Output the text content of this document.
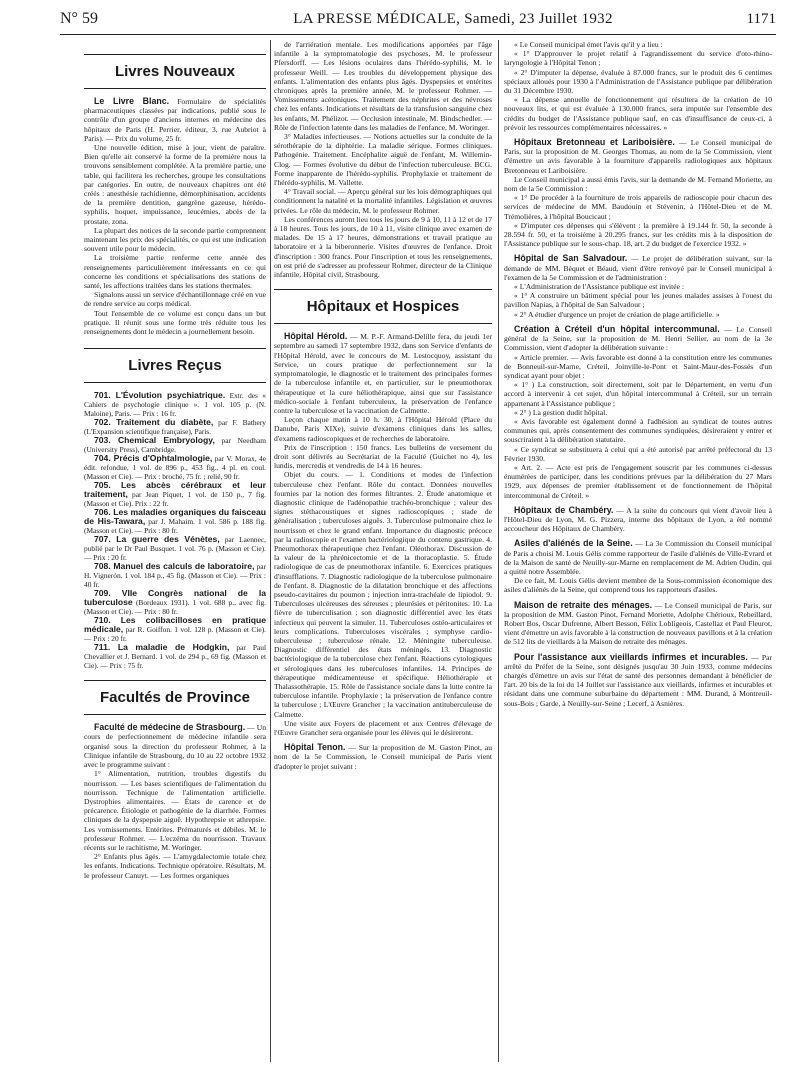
N° 59	LA PRESSE MÉDICALE, Samedi, 23 Juillet 1932	1171
Livres Nouveaux

Le Livre Blanc. Formulaire de spécialités pharmaceutiques classées par indications, publié sous le contrôle d'un groupe d'anciens internes en médecine des hôpitaux de Paris (H. Perrier, éditeur, 3, rue Aubriot à Paris). — Prix du volume, 25 fr.

Une nouvelle édition, mise à jour, vient de paraître. Bien qu'elle ait conservé la forme de la première nous la trouvons sensiblement complétée. A la première partie, une table, qui facilitera les recherches, groupe les consultations par catégories. En outre, de nouveaux chapitres ont été créés : anesthésie rachidienne, démorphinisation, accidents de la première dentition, gangrène gazeuse, hérédo-syphilis, hoquet, impuissance, leucémies, abcès de la prostate, zona.

La plupart des notices de la seconde partie comprennent maintenant les prix des spécialités, ce qui est une indication souvent utile pour le médecin.

La troisième partie renferme cette année des renseignements particulièrement intéressants en ce qui concerne les conditions et spécialisations des stations de santé, les affections traitées dans les stations thermales.

Signalons aussi un service d'échantillonnage créé en vue de rendre service au corps médical.

Tout l'ensemble de ce volume est conçu dans un but pratique. Il réunit sous une forme très réduite tous les renseignements dont le médecin a journellement besoin.

Livres Reçus

701. L'Évolution psychiatrique. Extr. des « Cahiers de psychologie clinique ». 1 vol. 105 p. (N. Maloine), Paris. — Prix : 16 fr.

702. Traitement du diabète, par F. Bathery (L'Expansion scientifique française), Paris.

703. Chemical Embryology, par Needham (University Press), Cambridge.

704. Précis d'Ophtalmologie, par V. Morax, 4e édit. refondue, 1 vol. de 896 p., 453 fig., 4 pl. en coul. (Masson et Cie). — Prix : broché, 75 fr. ; relié, 90 fr.

705. Les abcès cérébraux et leur traitement, par Jean Piquet, 1 vol. de 150 p., 7 fig. (Masson et Cie). Prix : 22 fr.

706. Les maladies organiques du faisceau de His-Tawara, par J. Mahaim. 1 vol. 586 p. 188 fig. (Masson et Cie). — Prix : 80 fr.

707. La guerre des Vénètes, par Laennec, publié par le Dr Paul Busquet. 1 vol. 76 p. (Masson et Cie). — Prix : 20 fr.

708. Manuel des calculs de laboratoire, par H. Vignerón. 1 vol. 184 p., 45 fig. (Masson et Cie). — Prix : 40 fr.

709. VIIe Congrès national de la tuberculose (Bordeaux 1931). 1 vol. 688 p., avec fig. (Masson et Cie). — Prix : 80 fr.

710. Les colibacilloses en pratique médicale, par R. Goiffon. 1 vol. 128 p. (Masson et Cie). — Prix : 20 fr.

711. La maladie de Hodgkin, par Paul Chevallier et J. Bernard. 1 vol. de 294 p., 69 fig. (Masson et Cie). — Prix : 75 fr.

Facultés de Province

Faculté de médecine de Strasbourg. — Un cours de perfectionnement de médecine infantile sera organisé sous la direction du professeur Rohmer, à la Clinique infantile de Strasbourg, du 10 au 22 octobre 1932 avec le programme suivant :

1° Alimentation, nutrition, troubles digestifs du nourrisson. — Les bases scientifiques de l'alimentation du nourrisson. Technique de l'alimentation artificielle. Dystrophies alimentaires. — États de carence et de précarence. Étiologie et pathogénie de la diarrhée. Formes cliniques de la dyspepsie aiguë. Hypothrepsie et athrepsie. Les vomissements. Entérites. Prématurés et débiles. M. le professeur Rohmer. — L'eczéma du nourrisson. Travaux récents sur le rachitisme, M. Woringer.

2° Enfants plus âgés. — L'amygdalectomie totale chez les enfants. Indications. Technique opératoire. Résultats, M. le professeur Canuyt. — Les formes organiques

de l'arriération mentale. Les modifications apportées par l'âge infantile à la symptomatologie des psychoses, M. le professeur Pfersdorff. — Les lésions oculaires dans l'hérédo-syphilis, M. le professeur Weill. — Les troubles du développement physique des enfants. L'alimentation des enfants plus âgés. Dyspepsies et entérites chroniques après la première année, M. le professeur Rohmer. — Vomissements acétoniques. Traitement des néphrites et des névroses chez les enfants. Indications et résultats de la transfusion sanguine chez les enfants, M. Phélizot. — Occlusion intestinale, M. Bindschedler. — Rôle de l'infection latente dans les maladies de l'enfance, M. Woringer.

3° Maladies infectieuses. — Notions actuelles sur la conduite de la sérothérapie de la diphtérie. La maladie sérique. Formes cliniques. Pathogénie. Traitement. Encéphalite aiguë de l'enfant, M. Willemin-Clog. — Formes évolutive du début de l'infection tuberculeuse. BCG. Forme inapparente de l'hérédo-syphilis. Prophylaxie et traitement de l'hérédo-syphilis, M. Vallette.

4° Travail social. — Aperçu général sur les lois démographiques qui conditionnent la natalité et la mortalité infantiles. Législation et œuvres privées. Le rôle du médecin, M. le professeur Rohmer.

Les conférences auront lieu tous les jours de 9 à 10, 11 à 12 et de 17 à 18 heures. Tous les jours, de 10 à 11, visite clinique avec examen de malades. De 15 à 17 heures, démonstrations et travail pratique au laboratoire et à la biberonnerie. Visites d'œuvres de l'enfance. Droit d'inscription : 300 francs. Pour l'inscription et tous les renseignements, on est prié de s'adresser au professeur Rohmer, directeur de la Clinique infantile, Hôpital civil, Strasbourg.

Hôpitaux et Hospices

Hôpital Hérold. — M. P.-F. Armand-Delille fera, du jeudi 1er septembre au samedi 17 septembre 1932, dans son Service d'enfants de l'Hôpital Hérold, avec le concours de M. Lestocquoy, assistant du Service, un cours pratique de perfectionnement sur la symptomatologie, le diagnostic et le traitement des principales formes de la tuberculose infantile et, en particulier, sur le pneumothorax thérapeutique et la cure héliothérapique, ainsi que sur l'assistance médico-sociale à l'enfant tuberculeux, la préservation de l'enfance contre la tuberculose et la vaccination de Calmette.

Leçon chaque matin à 10 h. 30, à l'Hôpital Hérold (Place du Danube, Paris XIXe), suivie d'examens cliniques dans les salles, d'examens radioscopiques et de recherches de laboratoire.

Prix de l'inscription : 150 francs. Les bulletins de versement du droit sont délivrés au Secrétariat de la Faculté (Guichet no 4), les lundis, mercredis et vendredis de 14 à 16 heures.

Objet du cours. — 1. Conditions et modes de l'infection tuberculeuse chez l'enfant. Rôle du contact. Données nouvelles fournies par la notion des formes filtrantes. 2. Étude anatomique et diagnostic clinique de l'adénopathie trachéo-bronchique ; valeur des signes stéthacoustiques et signes radioscopiques ; stade de généralisation ; tuberculoses aiguës. 3. Tuberculose pulmonaire chez le nourrisson et chez le grand enfant. Importance du diagnostic précoce par la radioscopie et l'examen bactériologique du contenu gastrique. 4. Pneumothorax thérapeutique chez l'enfant. Oléothorax. Discussion de la valeur de la phrénicectomie et de la thoracoplastie. 5. Étude radiologique de cas de pneumothorax infantile. 6. Exercices pratiques d'insufflations. 7. Diagnostic radiologique de la tuberculose pulmonaire de l'enfant. 8. Diagnostic de la dilatation bronchique et des affections pseudo-cavitaires du poumon ; injection intra-trachéale de lipiodol. 9. Tuberculoses ulcéreuses des séreuses ; pleurésies et péritonites. 10. La fièvre de tuberculisation ; son diagnostic différentiel avec les états infectieux qui peuvent la simuler. 11. Tuberculoses ostéo-articulaires et leurs complications. Tuberculoses viscérales ; symphyse cardio-tuberculeuse ; tuberculose rénale. 12. Méningite tuberculeuse. Diagnostic différentiel des états méningés. 13. Diagnostic bactériologique de la tuberculose chez l'enfant. Réactions cytologiques et sérologiques dans les tuberculoses infantiles. 14. Principes de thérapeutique médicamenteuse et spécifique. Héliothérapie et Thalassothérapie. 15. Rôle de l'assistance sociale dans la lutte contre la tuberculose infantile. Prophylaxie ; la préservation de l'enfance contre la tuberculose ; L'Œuvre Grancher ; la vaccination antituberculeuse de Calmette.

Une visite aux Foyers de placement et aux Centres d'élevage de l'Œuvre Grancher sera organisée pour les élèves qui le désireront.

Hôpital Tenon. — Sur la proposition de M. Gaston Pinot, au nom de la 5e Commission, le Conseil municipal de Paris vient d'adopter le projet suivant :

« Le Conseil municipal émet l'avis qu'il y a lieu :

« 1° D'approuver le projet relatif à l'agrandissement du service d'oto-rhino-laryngologie à l'Hôpital Tenon ;

« 2° D'imputer la dépense, évaluée à 87.000 francs, sur le produit des 6 centimes spéciaux alloués pour 1930 à l'Administration de l'Assistance publique par délibération du 31 Décembre 1930.

« La dépense annuelle de fonctionnement qui résultera de la création de 10 nouveaux lits, et qui est évaluée à 130.000 francs, sera imputée sur l'ensemble des crédits du budget de l'Assistance publique sauf, en cas d'insuffisance de ceux-ci, à prévoir les ressources complémentaires nécessaires. »

Hôpitaux Bretonneau et Lariboisière. — Le Conseil municipal de Paris, sur la proposition de M. Georges Thomas, au nom de la 5e Commission, vient d'émettre un avis favorable à la fourniture d'appareils radiologiques aux hôpitaux Bretonneau et Lariboisière.

Le Conseil municipal a aussi émis l'avis, sur la demande de M. Fernand Moriette, au nom de la 5e Commission :

« 1° De procéder à la fourniture de trois appareils de radioscopie pour chacun des services de médecine de MM. Baudouin et Stévenin, à l'Hôtel-Dieu et de M. Trémolières, à l'hôpital Boucicaut ;

« D'imputer ces dépenses qui s'élèvent : la première à 19.144 fr. 50, la seconde à 28.594 fr. 50, et la troisième à 20.295 francs, sur les crédits mis à la disposition de l'Assistance publique sur le sous-chap. 18, art. 2 du budget de l'exercice 1932. »

Hôpital de San Salvadour. — Le projet de délibération suivant, sur la demande de MM. Bèquet et Béaud, vient d'être renvoyé par le Conseil municipal à l'examen de la 5e Commission et de l'administration :

« L'Administration de l'Assistance publique est invitée :

« 1° A construire un bâtiment spécial pour les jeunes malades assises à l'ouest du pavillon Napias, à l'hôpital de San Salvadour ;

« 2° A étudier d'urgence un projet de création de plage artificielle. »

Création à Créteil d'un hôpital intercommunal. — Le Conseil général de la Seine, sur la proposition de M. Henri Sellier, au nom de la 3e Commission, vient d'adopter la délibération suivante :

« Article premier. — Avis favorable est donné à la constitution entre les communes de Bonneuil-sur-Marne, Créteil, Joinville-le-Pont et Saint-Maur-des-Fossés d'un syndicat ayant pour objet :

« 1° ) La construction, soit directement, soit par le Département, en vertu d'un accord à intervenir à cet sujet, d'un hôpital intercommunal à Créteil, sur un terrain appartenant à l'Assistance publique ;

« 2° ) La gestion dudit hôpital.

« Avis favorable est également donné à l'adhésion au syndicat de toutes autres communes qui, après consentement des communes syndiquées, désireraient y entrer et souscriraient à la délibération statutaire.

« Ce syndicat se substituera à celui qui a été autorisé par arrêté préfectoral du 13 Février 1930.

« Art. 2. — Acte est pris de l'engagement souscrit par les communes ci-dessus énumérées de participer, dans les conditions prévues par la délibération du 27 Mars 1929, aux dépenses de premier établissement et de fonctionnement de l'hôpital intercommunal de Créteil. »

Hôpitaux de Chambéry. — A la suite du concours qui vient d'avoir lieu à l'Hôtel-Dieu de Lyon, M. G. Pizzera, interne des hôpitaux de Lyon, a été nommé accoucheur des Hôpitaux de Chambéry.

Asiles d'aliénés de la Seine. — La 3e Commission du Conseil municipal de Paris a choisi M. Louis Gélis comme rapporteur de l'asile d'aliénés de Ville-Evrard et de la Maison de santé de Neuilly-sur-Marne en remplacement de M. Adrien Oudin, qui a quitté notre Assemblée.

De ce fait, M. Louis Gélis devient membre de la Sous-commission économique des asiles d'aliénés de la Seine, qui comprend tous les rapporteurs d'asiles.

Maison de retraite des ménages. — Le Conseil municipal de Paris, sur la proposition de MM. Gaston Pinot, Fernand Moriette, Adolphe Chérioux, Rebeillard, Robert Bos, Oscar Dufrenne, Albert Besson, Félix Lobligeois, Castellaz et Paul Fleurot, vient d'émettre un avis favorable à la construction de nouveaux pavillons et à la création de 512 lits de vieillards à la Maison de retraite des ménages.

Pour l'assistance aux vieillards infirmes et incurables. — Par arrêté du Préfet de la Seine, sont désignés jusqu'au 30 Juin 1933, comme médecins chargés d'émettre un avis sur l'état de santé des personnes demandant à bénéficier de l'art. 20 bis de la loi du 14 Juillet sur l'assistance aux vieillards, infirmes et incurables et résidant dans une commune suburbaine du département : MM. Durand, à Montreuil-sous-Bois ; Garde, à Neuilly-sur-Seine ; Lecerf, à Asnières.
